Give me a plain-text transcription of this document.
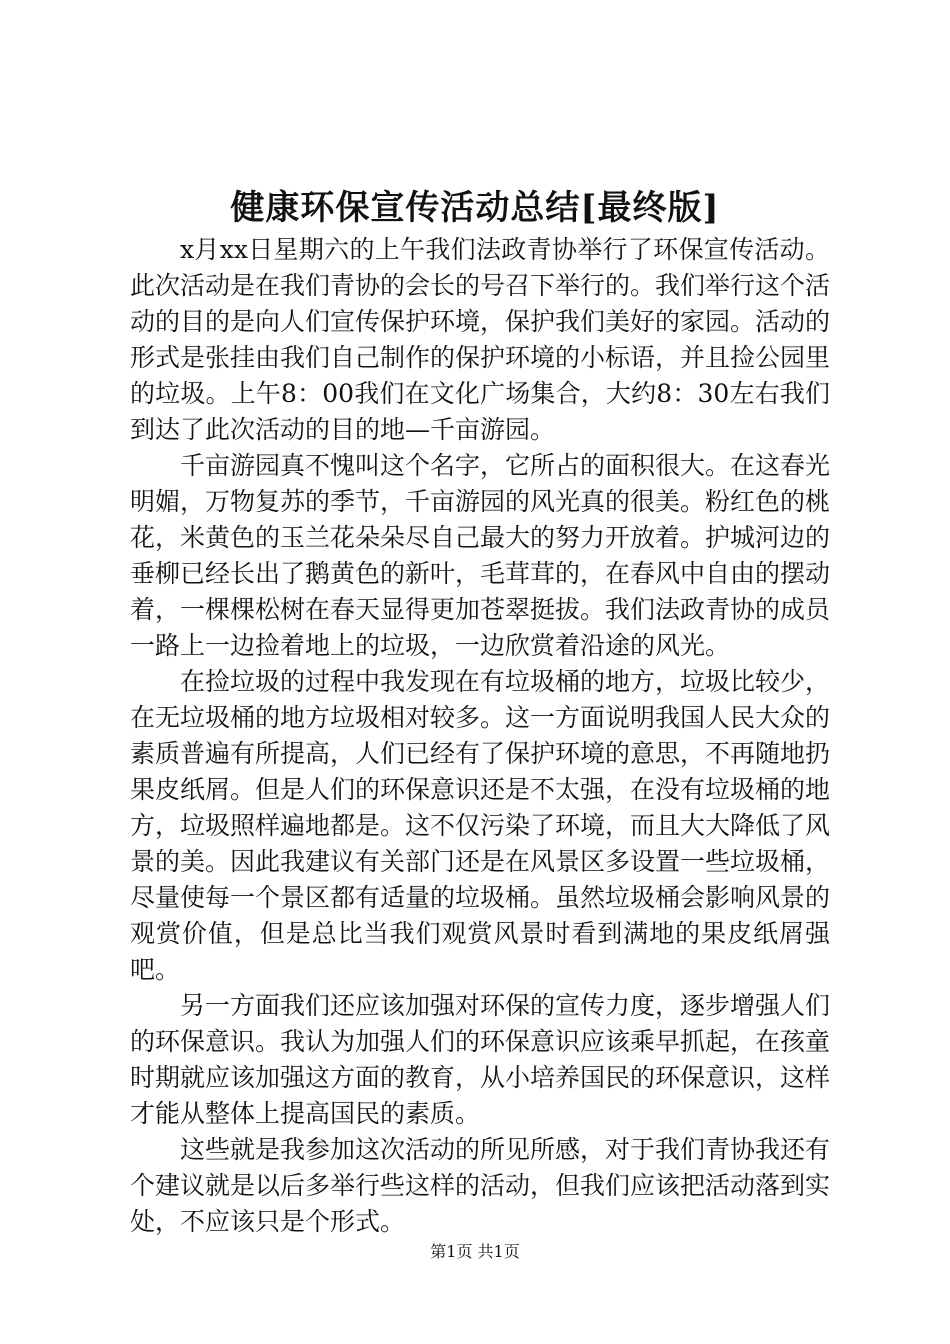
健康环保宣传活动总结[最终版]

x月xx日星期六的上午我们法政青协举行了环保宣传活动。此次活动是在我们青协的会长的号召下举行的。我们举行这个活动的目的是向人们宣传保护环境，保护我们美好的家园。活动的形式是张挂由我们自己制作的保护环境的小标语，并且捡公园里的垃圾。上午8：00我们在文化广场集合，大约8：30左右我们到达了此次活动的目的地—千亩游园。

千亩游园真不愧叫这个名字，它所占的面积很大。在这春光明媚，万物复苏的季节，千亩游园的风光真的很美。粉红色的桃花，米黄色的玉兰花朵朵尽自己最大的努力开放着。护城河边的垂柳已经长出了鹅黄色的新叶，毛茸茸的，在春风中自由的摆动着，一棵棵松树在春天显得更加苍翠挺拔。我们法政青协的成员一路上一边捡着地上的垃圾，一边欣赏着沿途的风光。

在捡垃圾的过程中我发现在有垃圾桶的地方，垃圾比较少，在无垃圾桶的地方垃圾相对较多。这一方面说明我国人民大众的素质普遍有所提高，人们已经有了保护环境的意思，不再随地扔果皮纸屑。但是人们的环保意识还是不太强，在没有垃圾桶的地方，垃圾照样遍地都是。这不仅污染了环境，而且大大降低了风景的美。因此我建议有关部门还是在风景区多设置一些垃圾桶，尽量使每一个景区都有适量的垃圾桶。虽然垃圾桶会影响风景的观赏价值，但是总比当我们观赏风景时看到满地的果皮纸屑强吧。

另一方面我们还应该加强对环保的宣传力度，逐步增强人们的环保意识。我认为加强人们的环保意识应该乘早抓起，在孩童时期就应该加强这方面的教育，从小培养国民的环保意识，这样才能从整体上提高国民的素质。

这些就是我参加这次活动的所见所感，对于我们青协我还有个建议就是以后多举行些这样的活动，但我们应该把活动落到实处，不应该只是个形式。

第1页 共1页
